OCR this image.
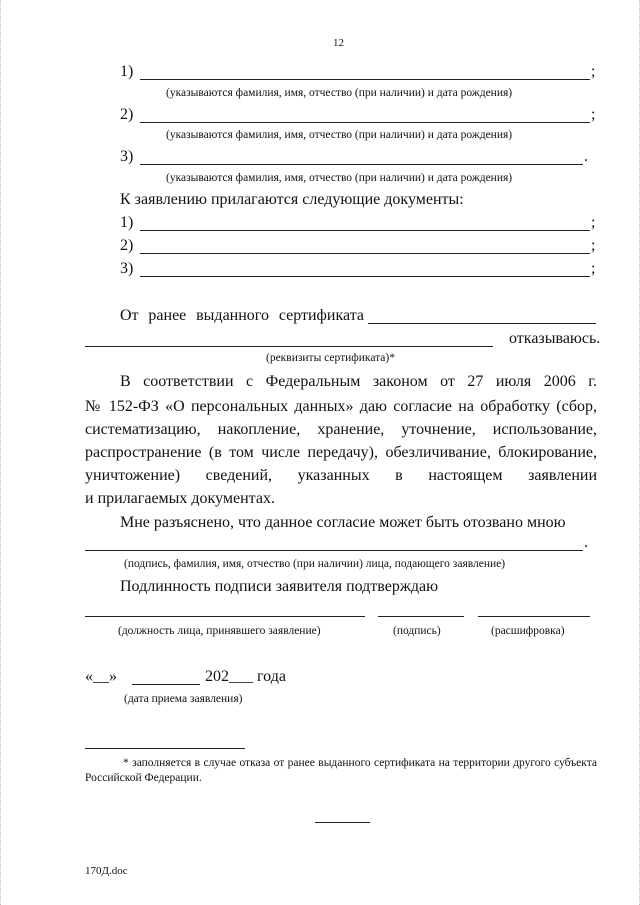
12
1)	;
(указываются фамилия, имя, отчество (при наличии) и дата рождения)
2)	;
(указываются фамилия, имя, отчество (при наличии) и дата рождения)
3)	.
(указываются фамилия, имя, отчество (при наличии) и дата рождения)
К заявлению прилагаются следующие документы:
1)	;
2)	;
3)	;
От ранее выданного сертификата
отказываюсь.
(реквизиты сертификата)*
В соответствии с Федеральным законом от 27 июля 2006 г.
№ 152-ФЗ «О персональных данных» даю согласие на обработку (сбор,
систематизацию, накопление, хранение, уточнение, использование,
распространение (в том числе передачу), обезличивание, блокирование,
уничтожение) сведений, указанных в настоящем заявлении
и прилагаемых документах.
Мне разъяснено, что данное согласие может быть отозвано мною
.
(подпись, фамилия, имя, отчество (при наличии) лица, подающего заявление)
Подлинность подписи заявителя подтверждаю
(должность лица, принявшего заявление)	(подпись)	(расшифровка)
«__»	202___ года
(дата приема заявления)
* заполняется в случае отказа от ранее выданного сертификата на территории другого субъекта Российской Федерации.
170Д.doc
